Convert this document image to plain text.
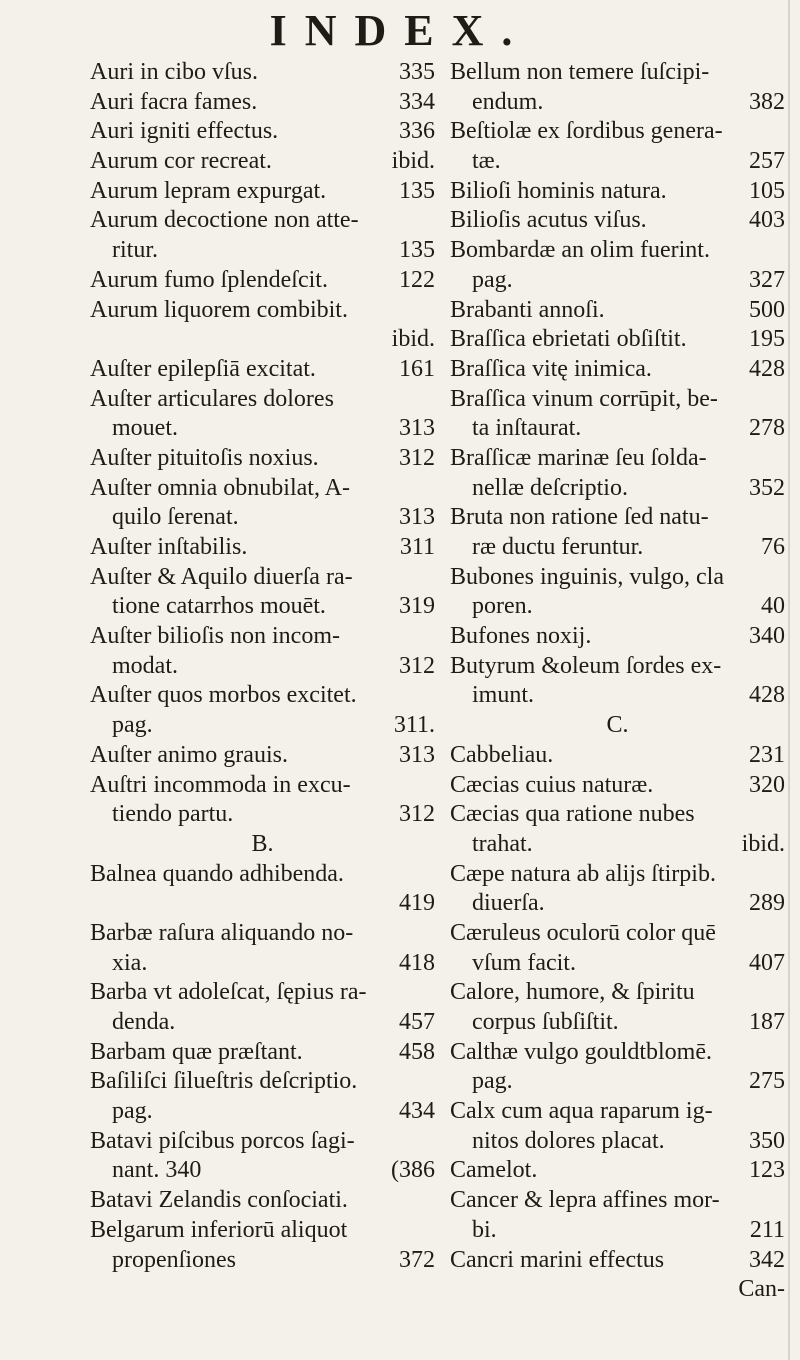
INDEX.
Auri in cibo vſus.	335
Auri facra fames.	334
Auri igniti effectus.	336
Aurum cor recreat.	ibid.
Aurum lepram expurgat.	135
Aurum decoctione non atte-
ritur.	135
Aurum fumo ſplendeſcit.	122
Aurum liquorem combibit.
ibid.
Auſter epilepſiā excitat.	161
Auſter articulares dolores
mouet.	313
Auſter pituitoſis noxius.	312
Auſter omnia obnubilat, A-
quilo ſerenat.	313
Auſter inſtabilis.	311
Auſter & Aquilo diuerſa ra-
tione catarrhos mouēt.	319
Auſter bilioſis non incom-
modat.	312
Auſter quos morbos excitet.
pag.	311.
Auſter animo grauis.	313
Auſtri incommoda in excu-
tiendo partu.	312
B.
Balnea quando adhibenda.
419
Barbæ raſura aliquando no-
xia.	418
Barba vt adoleſcat, ſępius ra-
denda.	457
Barbam quæ præſtant.	458
Baſiliſci ſilueſtris deſcriptio.
pag.	434
Batavi piſcibus porcos ſagi-
nant. 340	(386
Batavi Zelandis conſociati.
Belgarum inferiorū aliquot
propenſiones	372
Bellum non temere ſuſcipi-
endum.	382
Beſtiolæ ex ſordibus genera-
tæ.	257
Bilioſi hominis natura.	105
Bilioſis acutus viſus.	403
Bombardæ an olim fuerint.
pag.	327
Brabanti annoſi.	500
Braſſica ebrietati obſiſtit.	195
Braſſica vitę inimica.	428
Braſſica vinum corrūpit, be-
ta inſtaurat.	278
Braſſicæ marinæ ſeu ſolda-
nellæ deſcriptio.	352
Bruta non ratione ſed natu-
ræ ductu feruntur.	76
Bubones inguinis, vulgo, cla
poren.	40
Bufones noxij.	340
Butyrum &oleum ſordes ex-
imunt.	428
C.
Cabbeliau.	231
Cæcias cuius naturæ.	320
Cæcias qua ratione nubes
trahat.	ibid.
Cæpe natura ab alijs ſtirpib.
diuerſa.	289
Cæruleus oculorū color quē
vſum facit.	407
Calore, humore, & ſpiritu
corpus ſubſiſtit.	187
Calthæ vulgo gouldtblomē.
pag.	275
Calx cum aqua raparum ig-
nitos dolores placat.	350
Camelot.	123
Cancer & lepra affines mor-
bi.	211
Cancri marini effectus	342
Can-
